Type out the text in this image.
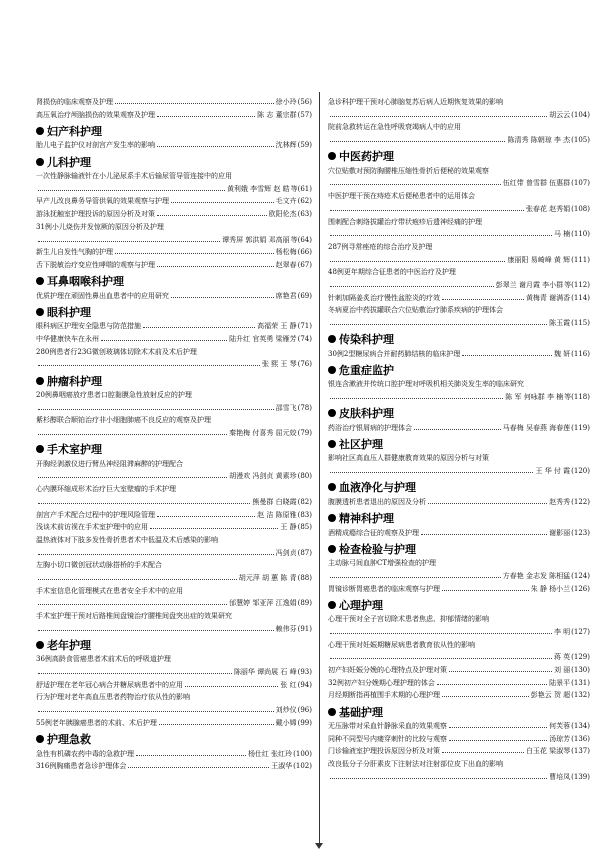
肾损伤的临床观察及护理	徐小玲 (56)
高压氧治疗颅脑损伤的效果观察及护理	陈 志 董宗群 (57)
妇产科护理
胎儿电子监护仪对剖宫产发生率的影响	沈林辉 (59)
儿科护理
一次性静脉输液针在小儿泌尿系手术后输尿管导管连接中的应用
黄利娥 李雪辉 赵 皓 等(61)
早产儿改良鼻务导管供氧的效果观察与护理	毛文卉 (62)
游泳抚触室护理投诉的原因分析及对策	欧阳伦杰 (63)
31例小儿烧伤并发惊厥的原因分析及护理
谭秀屏 郭洪娟 邓高丽 等(64)
新生儿自发性气胸的护理	杨松梅 (66)
舌下脱敏治疗变应性哮喘的观察与护理	赵翠春 (67)
耳鼻咽喉科护理
优质护理在顽固性鼻出血患者中的应用研究	席艳君 (69)
眼科护理
眼科病区护理安全隐患与防范措施	高福荣 王 静 (71)
中华健康快车在永州	陆升红 官英勇 梁雁芳 (74)
280例患者行23G微创玻璃体切除术术前及术后护理
张 熙 王 琴 (76)
肿瘤科护理
20例鼻咽癌放疗患者口腔黏膜急性放射反应的护理
邵雪飞 (78)
紫杉醇联合顺铂治疗非小细胞肺癌不良反应的观察及护理
秦艳梅 付喜秀 屈元姣 (79)
手术室护理
开胸经剥激仪进行臂丛神经阻滞麻醉的护理配合
胡漫欢 冯剑贞 黄素珍 (80)
心内膜环缩成形术治疗巨大室壁瘤的手术护理
熊曼群 白晓霞 (82)
剖宫产手术配合过程中的护理风险管理	赵 洁 陈原雅 (83)
浅谈术前访视在手术室护理中的应用	王 静 (85)
温热液体对下肢多发性骨折患者术中低温及术后感染的影响
冯剑贞 (87)
左胸小切口微创冠状动脉搭桥的手术配合
胡元萍 胡 蕙 陈 青 (88)
手术室信息化管理模式在患者安全手术中的应用
邰慧婷 邹亚萍 江逸娟 (89)
手术室护理干预对后路椎间盘镜治疗腰椎间盘突出症的效果研究
赖伟芬 (91)
老年护理
36例高龄食管癌患者术前术后的呼吸道护理
陈丽华 谭尚展 石 峰 (93)
舒适护理在老年冠心病合并糖尿病患者中的应用	张 红 (94)
行为护理对老年高血压患者药物治疗依从性的影响
刘炒仪 (96)
55例老年胰腺癌患者的术前、术后护理	戴小嫦 (99)
护理急救
急性有机磷农药中毒的急救护理	杨仕红 张红玲 (100)
316例胸痛患者急诊护理体会	王淑华 (102)
急诊科护理干预对心肺脑复苏后病人近期恢复效果的影响
胡云云 (104)
院前急救转运在急性呼吸衰竭病人中的应用
陈清秀 陈朝琼 李 杰 (105)
中医药护理
穴位贴敷对预防胸腰椎压缩性骨折后便秘的效果观察
伍红带 曾雪群 伍惠群 (107)
中医护理干预在痔疮术后便秘患者中的运用体会
张春花 赵秀娟 (108)
围刺配合刺络拔罐治疗带状疱疹后遗神经痛的护理
马 楠 (110)
287例寻常痤疮的综合治疗及护理
康丽阳 易崎峰 黄 辉 (111)
48例更年期综合征患者的中医治疗及护理
彭翠兰 谢月霞 李小群 等(112)
针刺加隔姜炙治疗慢性盆腔炎的疗效	黄梅青 谢满香 (114)
冬病夏治中药拔罐联合穴位贴敷治疗肺系疾病的护理体会
陈玉霞 (115)
传染科护理
30例2型糖尿病合并耐药肺结核的临床护理	魏 妍 (116)
危重症监护
银连含漱液并传统口腔护理对呼吸机相关肺炎发生率的临床研究
陈 军 何咏群 李 楠 等(118)
皮肤科护理
药浴治疗银屑病的护理体会	马春梅 吴春燕 海春莲 (119)
社区护理
影响社区高血压人群健康教育效果的原因分析与对策
王 华 付 霞 (120)
血液净化与护理
腹膜透析患者退出的原因及分析	赵秀秀 (122)
精神科护理
酒精成瘾综合征的观察及护理	谢影丽 (123)
检查检验与护理
主动脉弓间血肿CT增强检查的护理
方春艳 金志发 陈相猛 (124)
胃镜诊断胃癌患者的临床观察与护理	朱 静 杨小兰 (126)
心理护理
心理干预对全子宫切除术患者焦虑、抑郁情绪的影响
李 明 (127)
心理干预对妊娠期糖尿病患者教育依从性的影响
蒋 英 (129)
初产妇妊娠分娩的心理特点及护理对策	刘 丽 (130)
32例初产妇分娩期心理护理的体会	陆景平 (131)
月经期断指再植围手术期的心理护理	彭艳云 贺 超 (132)
基础护理
无压脉带对采血针静脉采血的效果观察	何芙蓉 (134)
同种不同型号内瘘穿刺针的比较与观察	汤琼芳 (136)
门诊输液室护理投诉原因分析及对策	白玉花 梁淑琴 (137)
改良低分子分肝素皮下注射法对注射部位皮下出血的影响
曹培凤 (139)
